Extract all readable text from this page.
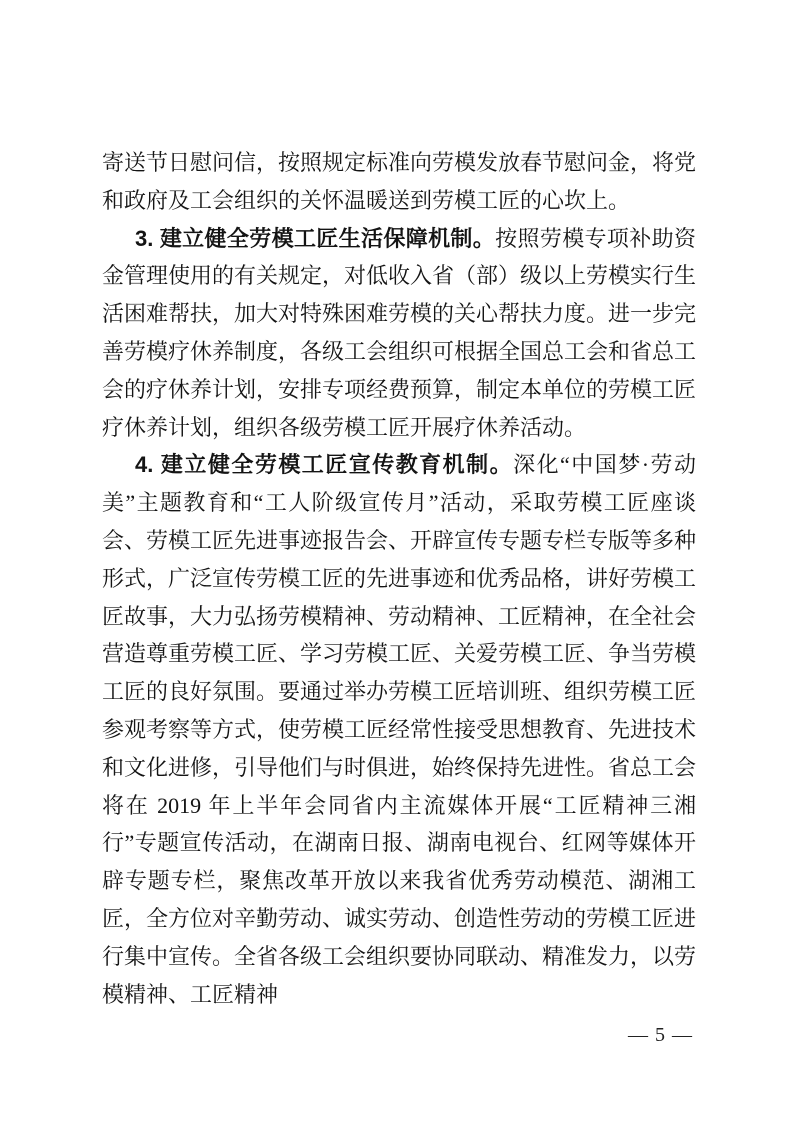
寄送节日慰问信，按照规定标准向劳模发放春节慰问金，将党和政府及工会组织的关怀温暖送到劳模工匠的心坎上。

3. 建立健全劳模工匠生活保障机制。按照劳模专项补助资金管理使用的有关规定，对低收入省（部）级以上劳模实行生活困难帮扶，加大对特殊困难劳模的关心帮扶力度。进一步完善劳模疗休养制度，各级工会组织可根据全国总工会和省总工会的疗休养计划，安排专项经费预算，制定本单位的劳模工匠疗休养计划，组织各级劳模工匠开展疗休养活动。

4. 建立健全劳模工匠宣传教育机制。深化“中国梦·劳动美”主题教育和“工人阶级宣传月”活动，采取劳模工匠座谈会、劳模工匠先进事迹报告会、开辟宣传专题专栏专版等多种形式，广泛宣传劳模工匠的先进事迹和优秀品格，讲好劳模工匠故事，大力弘扬劳模精神、劳动精神、工匠精神，在全社会营造尊重劳模工匠、学习劳模工匠、关爱劳模工匠、争当劳模工匠的良好氛围。要通过举办劳模工匠培训班、组织劳模工匠参观考察等方式，使劳模工匠经常性接受思想教育、先进技术和文化进修，引导他们与时俱进，始终保持先进性。省总工会将在 2019 年上半年会同省内主流媒体开展“工匠精神三湘行”专题宣传活动，在湖南日报、湖南电视台、红网等媒体开辟专题专栏，聚焦改革开放以来我省优秀劳动模范、湖湘工匠，全方位对辛勤劳动、诚实劳动、创造性劳动的劳模工匠进行集中宣传。全省各级工会组织要协同联动、精准发力，以劳模精神、工匠精神

— 5 —
